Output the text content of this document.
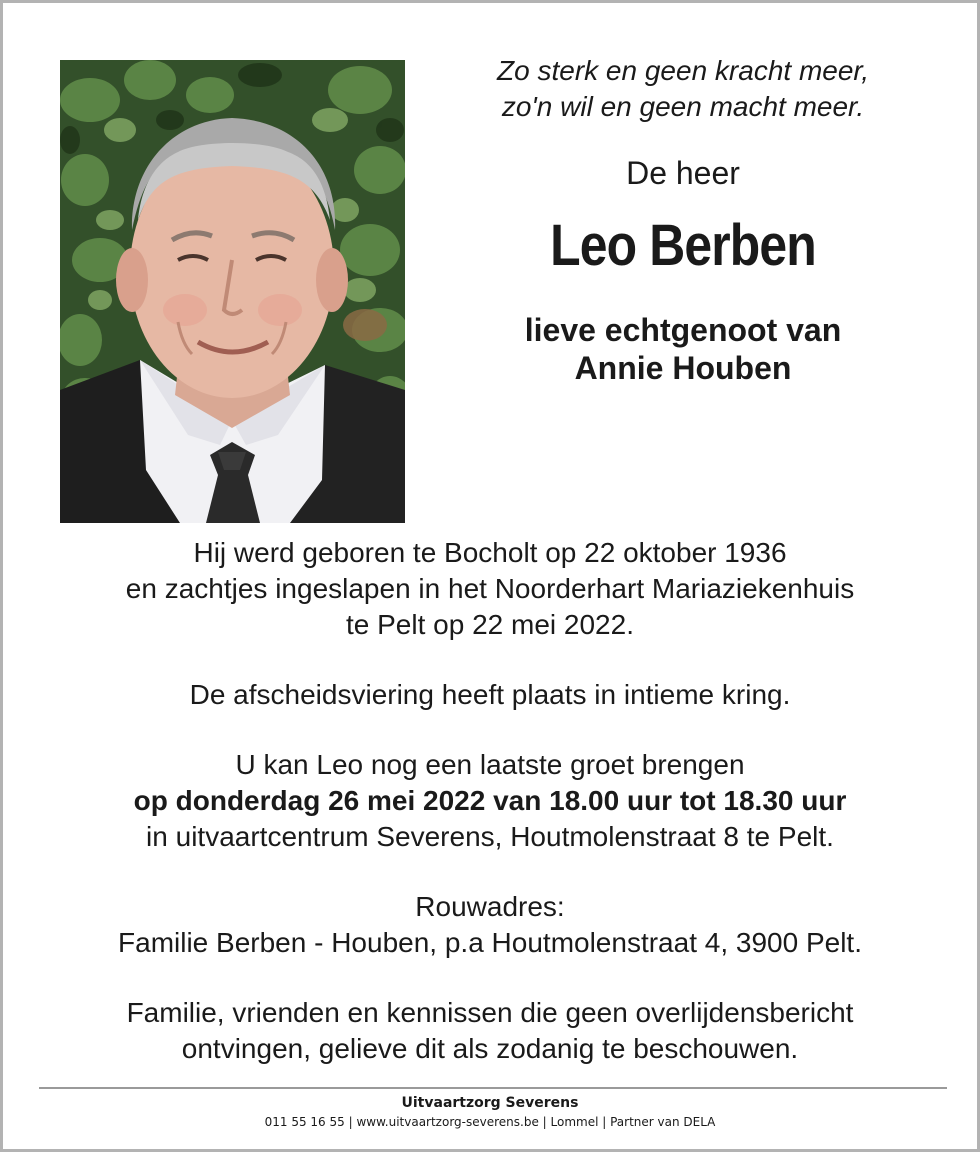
Zo sterk en geen kracht meer,

zo'n wil en geen macht meer.

De heer
Leo Berben
lieve echtgenoot van
Annie Houben

Hij werd geboren te Bocholt op 22 oktober 1936

en zachtjes ingeslapen in het Noorderhart Mariaziekenhuis

te Pelt op 22 mei 2022.

De afscheidsviering heeft plaats in intieme kring.

U kan Leo nog een laatste groet brengen

op donderdag 26 mei 2022 van 18.00 uur tot 18.30 uur

in uitvaartcentrum Severens, Houtmolenstraat 8 te Pelt.

Rouwadres:

Familie Berben - Houben, p.a Houtmolenstraat 4, 3900 Pelt.

Familie, vrienden en kennissen die geen overlijdensbericht

ontvingen, gelieve dit als zodanig te beschouwen.

Uitvaartzorg Severens
011 55 16 55 | www.uitvaartzorg-severens.be | Lommel | Partner van DELA
